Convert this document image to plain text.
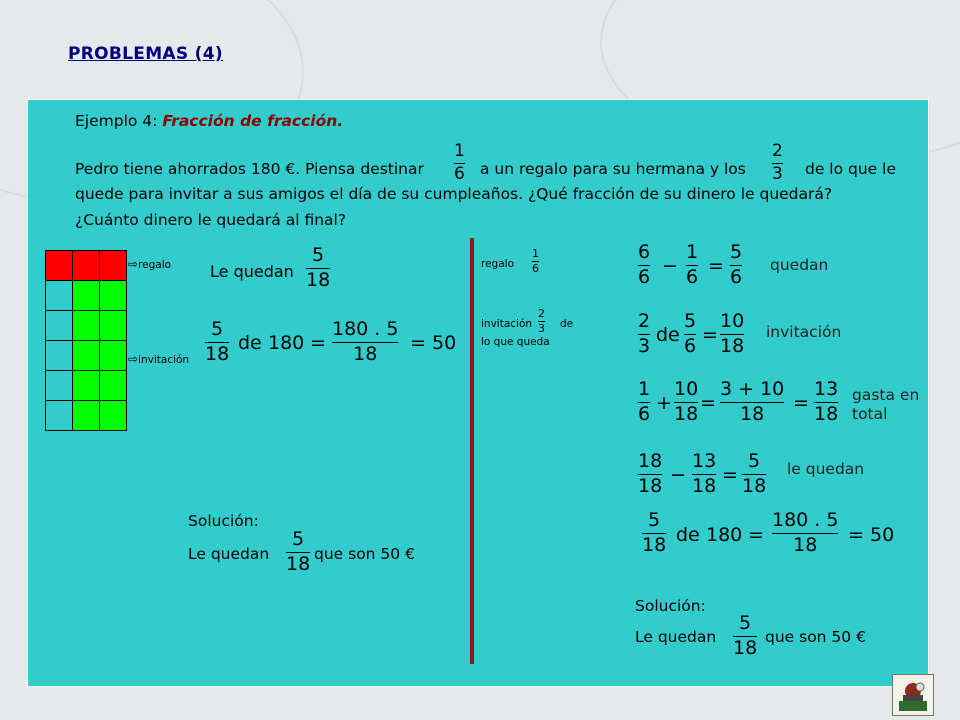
PROBLEMAS (4)
Ejemplo 4: Fracción de fracción.
Pedro tiene ahorrados 180 €. Piensa destinar
1
6 a un regalo para su hermana y los
2
3 de lo que le
quede para invitar a sus amigos el día de su cumpleaños. ¿Qué fracción de su dinero le quedará?
¿Cuánto dinero le quedará al final?

⇨regalo
⇨invitación
Le quedan
5
18
5
18 de 180 =
180 . 5
18 = 50
Solución:
Le quedan
5
18 que son 50 €
regalo
1
6
invitación
2
3 de
lo que queda
6
6 −
1
6 =
5
6
quedan
2
3 de
5
6 =
10
18
invitación
1
6 +
10
18 =
3 + 10
18 =
13
18
gasta en
total
18
18 −
13
18 =
5
18
le quedan
5
18 de 180 =
180 . 5
18 = 50
Solución:
Le quedan
5
18 que son 50 €
